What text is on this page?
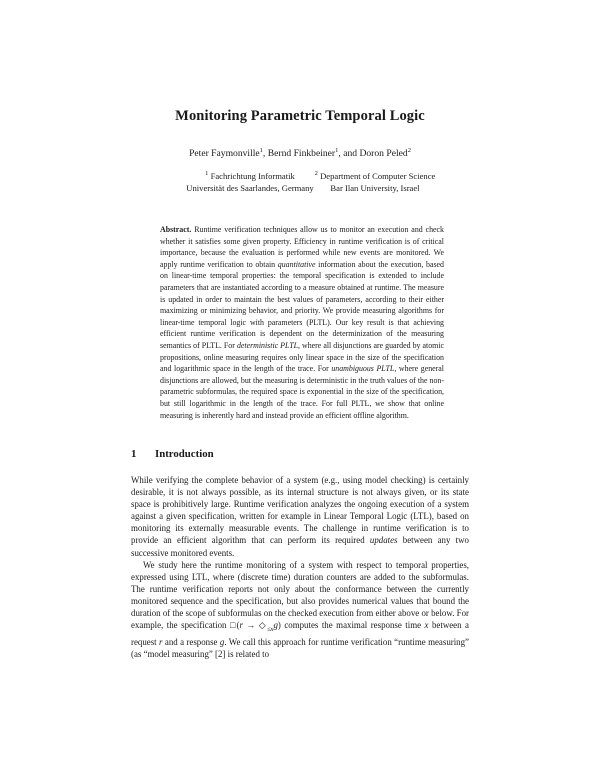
Monitoring Parametric Temporal Logic
Peter Faymonville$^1$, Bernd Finkbeiner$^1$, and Doron Peled$^2$
$^1$ Fachrichtung Informatik
Universität des Saarlandes, Germany
$^2$ Department of Computer Science
Bar Ilan University, Israel
Abstract. Runtime verification techniques allow us to monitor an execution and check whether it satisfies some given property. Efficiency in runtime verification is of critical importance, because the evaluation is performed while new events are monitored. We apply runtime verification to obtain quantitative information about the execution, based on linear-time temporal properties: the temporal specification is extended to include parameters that are instantiated according to a measure obtained at runtime. The measure is updated in order to maintain the best values of parameters, according to their either maximizing or minimizing behavior, and priority. We provide measuring algorithms for linear-time temporal logic with parameters (PLTL). Our key result is that achieving efficient runtime verification is dependent on the determinization of the measuring semantics of PLTL. For deterministic PLTL, where all disjunctions are guarded by atomic propositions, online measuring requires only linear space in the size of the specification and logarithmic space in the length of the trace. For unambiguous PLTL, where general disjunctions are allowed, but the measuring is deterministic in the truth values of the non-parametric subformulas, the required space is exponential in the size of the specification, but still logarithmic in the length of the trace. For full PLTL, we show that online measuring is inherently hard and instead provide an efficient offline algorithm.
1 Introduction

While verifying the complete behavior of a system (e.g., using model checking) is certainly desirable, it is not always possible, as its internal structure is not always given, or its state space is prohibitively large. Runtime verification analyzes the ongoing execution of a system against a given specification, written for example in Linear Temporal Logic (LTL), based on monitoring its externally measurable events. The challenge in runtime verification is to provide an efficient algorithm that can perform its required updates between any two successive monitored events.

We study here the runtime monitoring of a system with respect to temporal properties, expressed using LTL, where (discrete time) duration counters are added to the subformulas. The runtime verification reports not only about the conformance between the currently monitored sequence and the specification, but also provides numerical values that bound the duration of the scope of subformulas on the checked execution from either above or below. For example, the specification □(r → $◇_{\le x}g$) computes the maximal response time x between a request r and a response g. We call this approach for runtime verification “runtime measuring” (as “model measuring” [2] is related to
